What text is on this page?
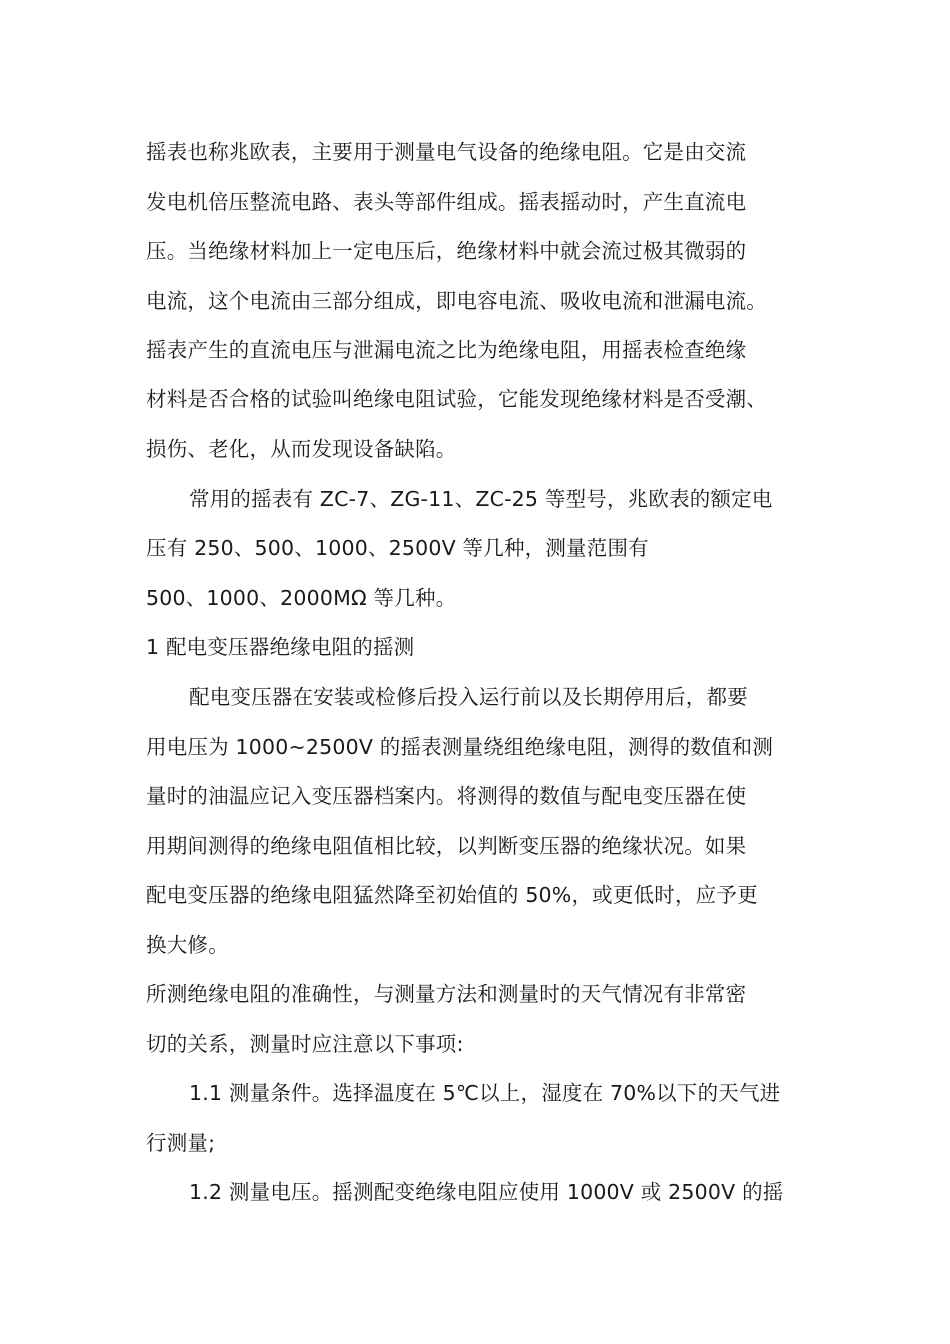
摇表也称兆欧表，主要用于测量电气设备的绝缘电阻。它是由交流
发电机倍压整流电路、表头等部件组成。摇表摇动时，产生直流电
压。当绝缘材料加上一定电压后，绝缘材料中就会流过极其微弱的
电流，这个电流由三部分组成，即电容电流、吸收电流和泄漏电流。
摇表产生的直流电压与泄漏电流之比为绝缘电阻，用摇表检查绝缘
材料是否合格的试验叫绝缘电阻试验，它能发现绝缘材料是否受潮、
损伤、老化，从而发现设备缺陷。
常用的摇表有 ZC-7、ZG-11、ZC-25 等型号，兆欧表的额定电
压有 250、500、1000、2500V 等几种，测量范围有
500、1000、2000MΩ 等几种。
1 配电变压器绝缘电阻的摇测
配电变压器在安装或检修后投入运行前以及长期停用后，都要
用电压为 1000~2500V 的摇表测量绕组绝缘电阻，测得的数值和测
量时的油温应记入变压器档案内。将测得的数值与配电变压器在使
用期间测得的绝缘电阻值相比较，以判断变压器的绝缘状况。如果
配电变压器的绝缘电阻猛然降至初始值的 50%，或更低时，应予更
换大修。
所测绝缘电阻的准确性，与测量方法和测量时的天气情况有非常密
切的关系，测量时应注意以下事项:
1.1 测量条件。选择温度在 5℃以上，湿度在 70%以下的天气进
行测量;
1.2 测量电压。摇测配变绝缘电阻应使用 1000V 或 2500V 的摇
